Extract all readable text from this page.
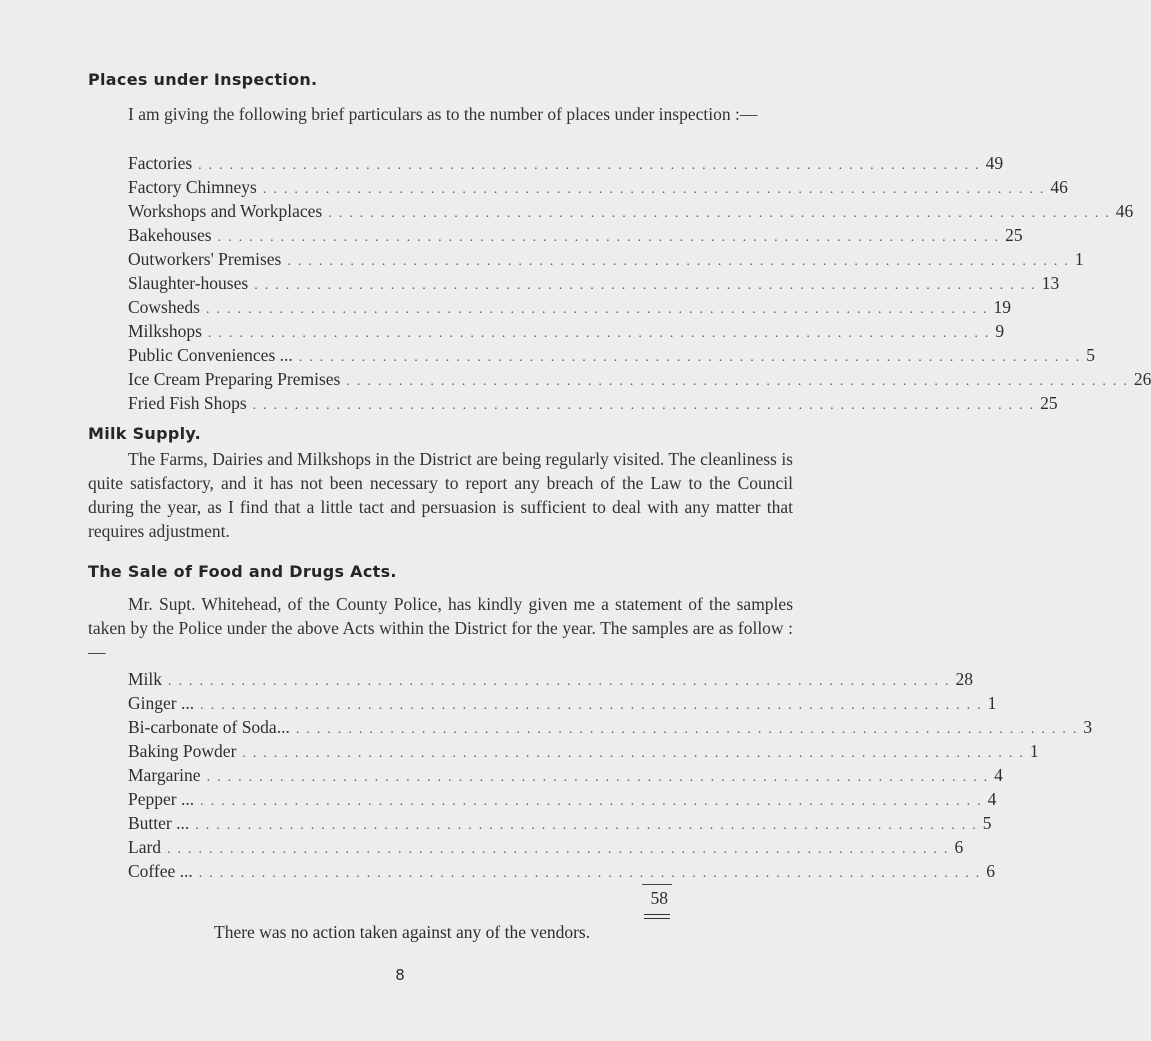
Places under Inspection.
I am giving the following brief particulars as to the number of places under inspection :—
Factories ........................................................................... 49
Factory Chimneys ........................................................................... 46
Workshops and Workplaces ........................................................................... 46
Bakehouses ........................................................................... 25
Outworkers' Premises ........................................................................... 1
Slaughter-houses ........................................................................... 13
Cowsheds ........................................................................... 19
Milkshops ........................................................................... 9
Public Conveniences ... ........................................................................... 5
Ice Cream Preparing Premises ........................................................................... 26
Fried Fish Shops ........................................................................... 25
Milk Supply.
The Farms, Dairies and Milkshops in the District are being regularly visited. The cleanliness is quite satisfactory, and it has not been necessary to report any breach of the Law to the Council during the year, as I find that a little tact and persuasion is sufficient to deal with any matter that requires adjustment.
The Sale of Food and Drugs Acts.
Mr. Supt. Whitehead, of the County Police, has kindly given me a statement of the samples taken by the Police under the above Acts within the District for the year. The samples are as follow :—
Milk ........................................................................... 28
Ginger ... ........................................................................... 1
Bi-carbonate of Soda... ........................................................................... 3
Baking Powder ........................................................................... 1
Margarine ........................................................................... 4
Pepper ... ........................................................................... 4
Butter ... ........................................................................... 5
Lard ........................................................................... 6
Coffee ... ........................................................................... 6
58
There was no action taken against any of the vendors.
8
